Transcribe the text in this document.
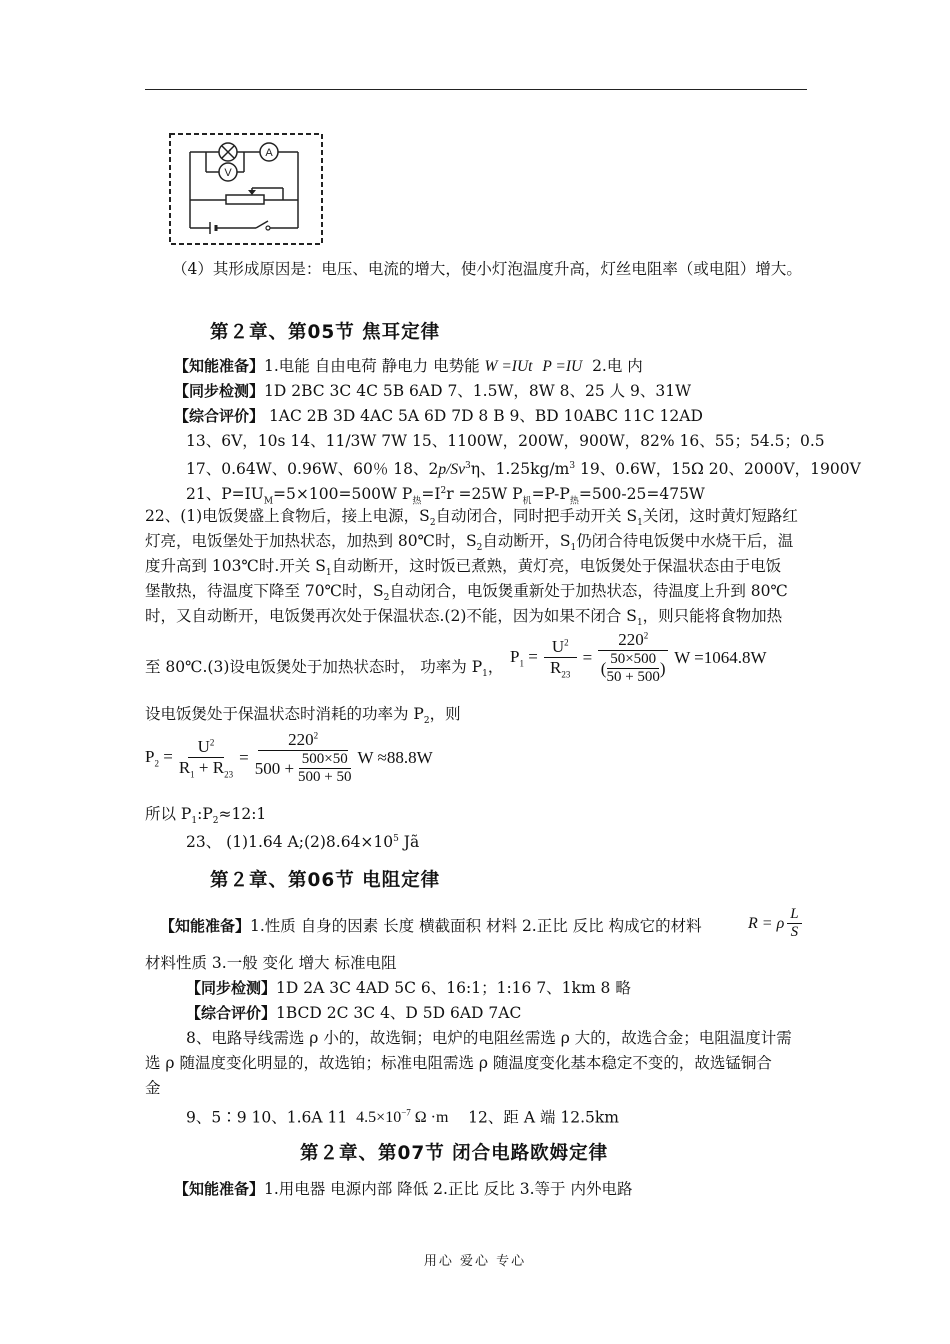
A
V
（4）其形成原因是：电压、电流的增大，使小灯泡温度升高，灯丝电阻率（或电阻）增大。
第２章、第05节 焦耳定律
【知能准备】1.电能 自由电荷 静电力 电势能 W =IUt P =IU 2.电 内
【同步检测】1D 2BC 3C 4C 5B 6AD 7、1.5W，8W 8、25 人 9、31W
【综合评价】 1AC 2B 3D 4AC 5A 6D 7D 8 B 9、BD 10ABC 11C 12AD
13、6V，10s 14、11/3W 7W 15、1100W，200W，900W，82% 16、55；54.5；0.5
17、0.64W、0.96W、60％ 18、2p/Sv$^3$η、$1.25kg/m^3$ 19、0.6W，15Ω 20、2000V，1900V
21、$P=IU_M=5\times 100=500W$ $P_热=I^2r =25W$ $P_机=P-P_热=500-25=475W$
22、(1)电饭煲盛上食物后，接上电源，$S_2$自动闭合，同时把手动开关 $S_1$关闭，这时黄灯短路红
灯亮，电饭堡处于加热状态，加热到 80℃时，$S_2$自动断开，$S_1$仍闭合待电饭煲中水烧干后，温
度升高到 103℃时.开关 $S_1$自动断开，这时饭已煮熟，黄灯亮，电饭煲处于保温状态由于电饭
堡散热，待温度下降至 70℃时，$S_2$自动闭合，电饭煲重新处于加热状态，待温度上升到 80℃
时，又自动断开，电饭煲再次处于保温状态.(2)不能，因为如果不闭合 $S_1$，则只能将食物加热
至 80℃.(3)设电饭煲处于加热状态时， 功率为 $P_1$，
$P_1 = \frac{U^2}{R_{23}} = \frac{220^2}{( \frac{50\times 500}{50 + 500} )}$ W =1064.8W
设电饭煲处于保温状态时消耗的功率为 $P_2$，则
$P_2 = \frac{U^2}{R_1 + R_{23}} = \frac{220^2}{500 + \frac{500\times 50}{500 + 50}}$ W ≈88.8W
所以 $P_1:P_2\approx 12:1$
23、 (1)1.64 $A;(2)8.64\times 10^5$ Jã
第２章、第06节 电阻定律
【知能准备】1.性质 自身的因素 长度 横截面积 材料 2.正比 反比 构成它的材料	R = ρ $\frac{L}{S}$
材料性质 3.一般 变化 增大 标准电阻
【同步检测】1D 2A 3C 4AD 5C 6、16:1；1:16 7、1km 8 略
【综合评价】1BCD 2C 3C 4、D 5D 6AD 7AC
8、电路导线需选 ρ 小的，故选铜；电炉的电阻丝需选 ρ 大的，故选合金；电阻温度计需
选 ρ 随温度变化明显的，故选铂；标准电阻需选 ρ 随温度变化基本稳定不变的，故选锰铜合
金
9、5∶9 10、1.6A 11 $4.5\times 10^{-7}$ Ω ·m 12、距 A 端 12.5km
第２章、第07节 闭合电路欧姆定律
【知能准备】1.用电器 电源内部 降低 2.正比 反比 3.等于 内外电路
用心 爱心 专心
